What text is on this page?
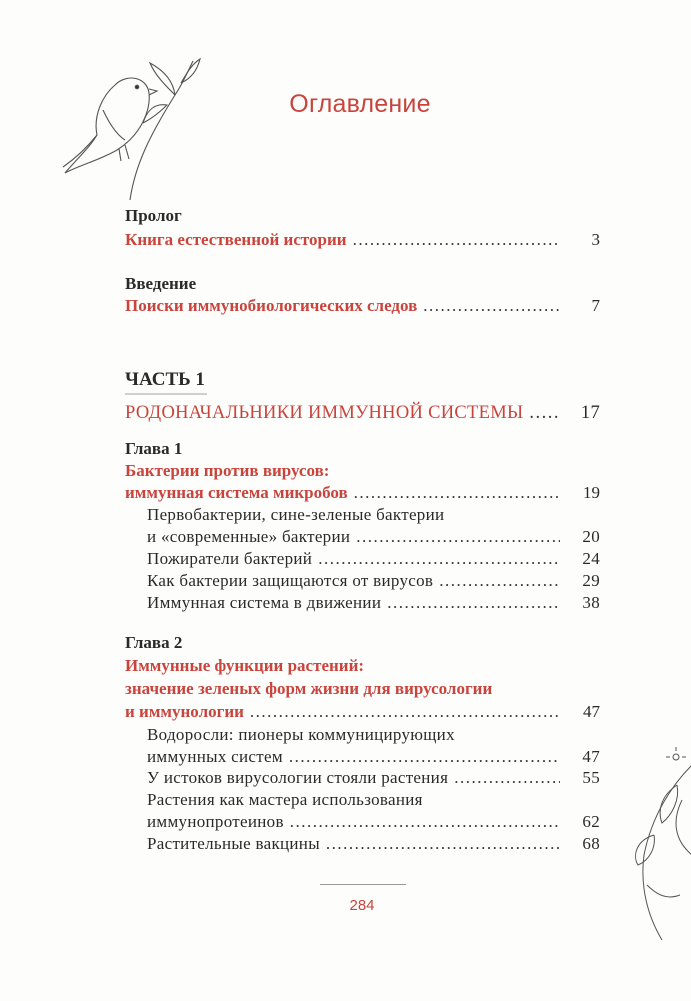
Оглавление
Пролог
Книга естественной истории .....	3
Введение
Поиски иммунобиологических следов .....	7
ЧАСТЬ 1
РОДОНАЧАЛЬНИКИ ИММУННОЙ СИСТЕМЫ .....	17
Глава 1
Бактерии против вирусов:
иммунная система микробов .....	19
Первобактерии, сине-зеленые бактерии
и «современные» бактерии .....	20
Пожиратели бактерий .....	24
Как бактерии защищаются от вирусов .....	29
Иммунная система в движении .....	38
Глава 2
Иммунные функции растений:
значение зеленых форм жизни для вирусологии
и иммунологии .....	47
Водоросли: пионеры коммуницирующих
иммунных систем .....	47
У истоков вирусологии стояли растения .....	55
Растения как мастера использования
иммунопротеинов .....	62
Растительные вакцины .....	68
284
